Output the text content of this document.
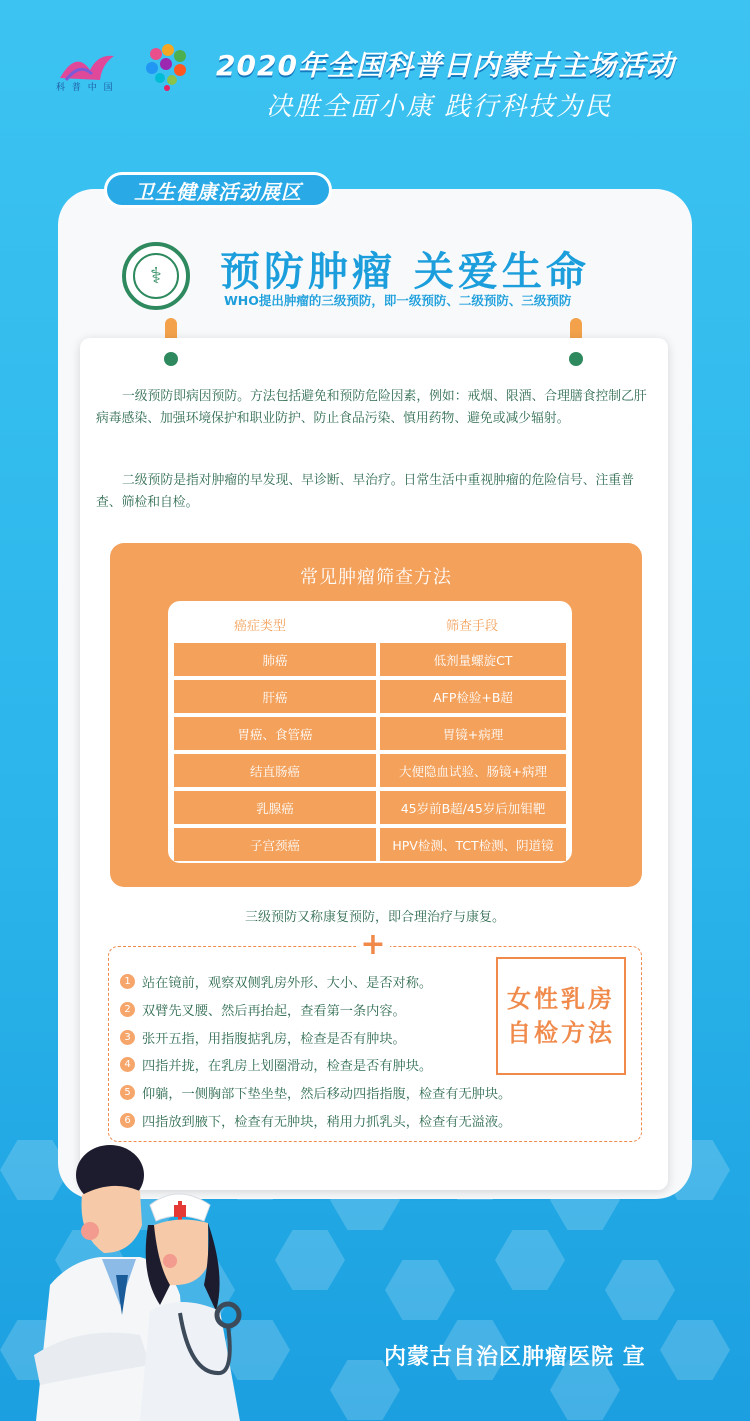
科 普 中 国
2020年全国科普日内蒙古主场活动
决胜全面小康 践行科技为民
卫生健康活动展区
⚕	预防肿瘤 关爱生命
WHO提出肿瘤的三级预防，即一级预防、二级预防、三级预防
一级预防即病因预防。方法包括避免和预防危险因素，例如：戒烟、限酒、合理膳食控制乙肝病毒感染、加强环境保护和职业防护、防止食品污染、慎用药物、避免或减少辐射。
二级预防是指对肿瘤的早发现、早诊断、早治疗。日常生活中重视肿瘤的危险信号、注重普查、筛检和自检。
常见肿瘤筛查方法
癌症类型	筛查手段
肺癌	低剂量螺旋CT
肝癌	AFP检验+B超
胃癌、食管癌	胃镜+病理
结直肠癌	大便隐血试验、肠镜+病理
乳腺癌	45岁前B超/45岁后加钼靶
子宫颈癌	HPV检测、TCT检测、阴道镜
三级预防又称康复预防，即合理治疗与康复。
+
1 站在镜前，观察双侧乳房外形、大小、是否对称。
2 双臂先叉腰、然后再抬起，查看第一条内容。
3 张开五指，用指腹掂乳房，检查是否有肿块。
4 四指并拢，在乳房上划圈滑动，检查是否有肿块。
5 仰躺，一侧胸部下垫坐垫，然后移动四指指腹，检查有无肿块。
6 四指放到腋下，检查有无肿块，稍用力抓乳头，检查有无溢液。
女性乳房
自检方法
内蒙古自治区肿瘤医院 宣
